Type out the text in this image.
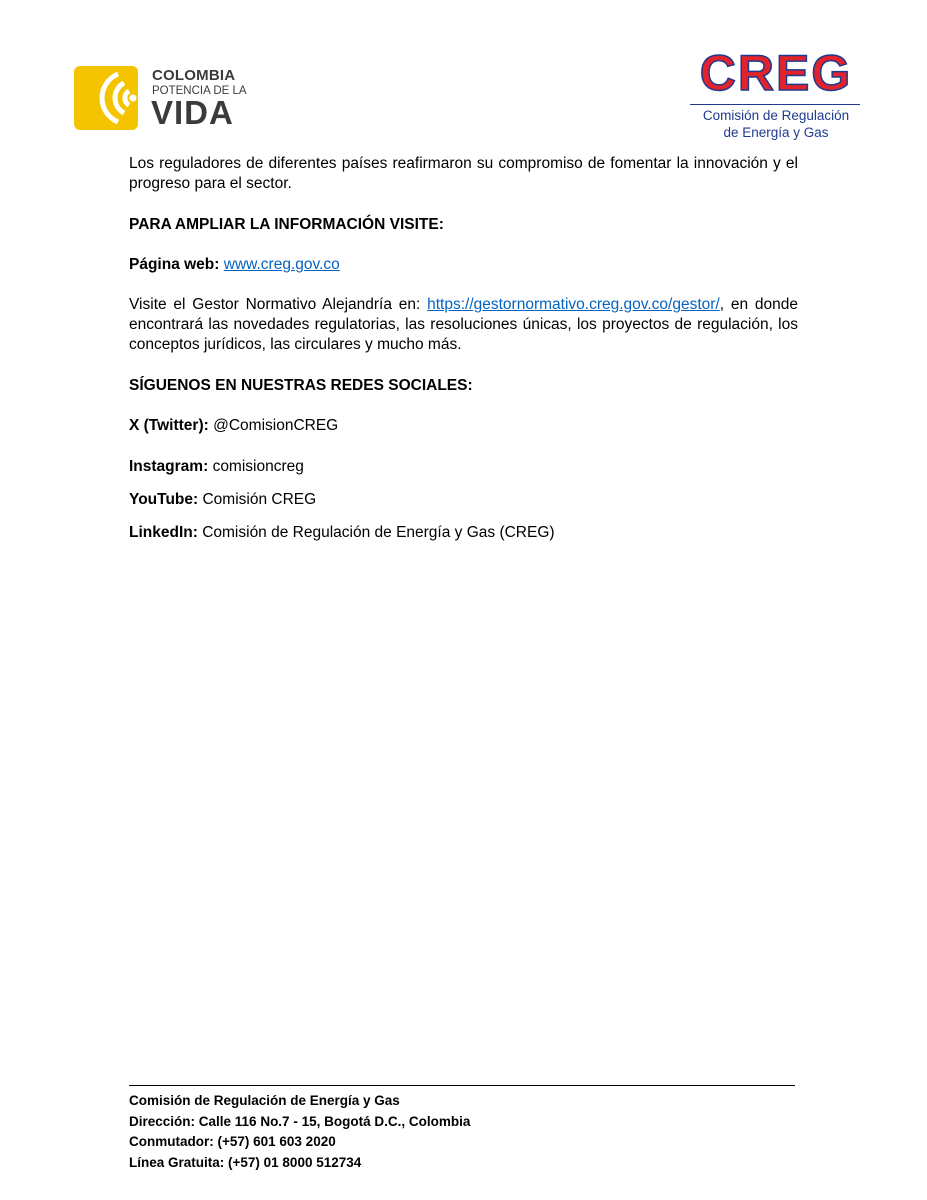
COLOMBIA
POTENCIA DE LA
VIDA
CREG
Comisión de Regulación
de Energía y Gas

Los reguladores de diferentes países reafirmaron su compromiso de fomentar la innovación y el progreso para el sector.

PARA AMPLIAR LA INFORMACIÓN VISITE:

Página web: www.creg.gov.co

Visite el Gestor Normativo Alejandría en: https://gestornormativo.creg.gov.co/gestor/, en donde encontrará las novedades regulatorias, las resoluciones únicas, los proyectos de regulación, los conceptos jurídicos, las circulares y mucho más.

SÍGUENOS EN NUESTRAS REDES SOCIALES:

X (Twitter): @ComisionCREG

Instagram: comisioncreg

YouTube: Comisión CREG

LinkedIn: Comisión de Regulación de Energía y Gas (CREG)

Comisión de Regulación de Energía y Gas
Dirección: Calle 116 No.7 - 15, Bogotá D.C., Colombia
Conmutador: (+57) 601 603 2020
Línea Gratuita: (+57) 01 8000 512734
